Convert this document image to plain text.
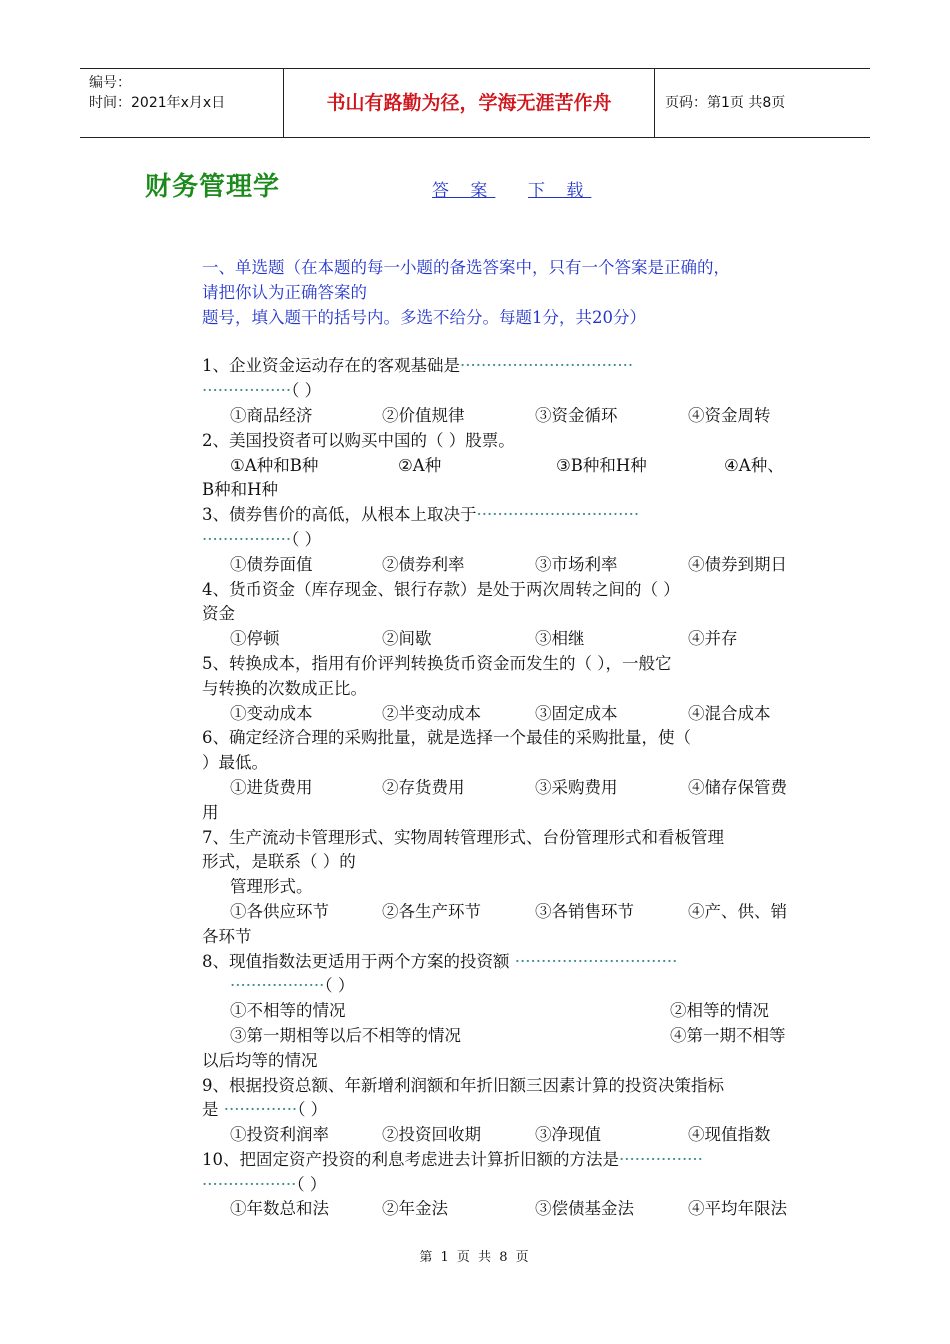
编号：
时间：2021年x月x日	书山有路勤为径，学海无涯苦作舟	页码：第1页 共8页
财务管理学	答 案 下 载
一、单选题（在本题的每一小题的备选答案中，只有一个答案是正确的，
请把你认为正确答案的
题号，填入题干的括号内。多选不给分。每题1分，共20分）
1、企业资金运动存在的客观基础是·································
·················（ ）
①商品经济	②价值规律	③资金循环	④资金周转
2、美国投资者可以购买中国的（ ）股票。
①A种和B种	②A种	③B种和H种	④A种、
B种和H种
3、债券售价的高低，从根本上取决于·······························
·················（ ）
①债券面值	②债券利率	③市场利率	④债券到期日
4、货币资金（库存现金、银行存款）是处于两次周转之间的（ ）
资金
①停顿	②间歇	③相继	④并存
5、转换成本，指用有价评判转换货币资金而发生的（ ），一般它
与转换的次数成正比。
①变动成本	②半变动成本	③固定成本	④混合成本
6、确定经济合理的采购批量，就是选择一个最佳的采购批量，使（
）最低。
①进货费用	②存货费用	③采购费用	④储存保管费
用
7、生产流动卡管理形式、实物周转管理形式、台份管理形式和看板管理
形式，是联系（ ）的
管理形式。
①各供应环节	②各生产环节	③各销售环节	④产、供、销
各环节
8、现值指数法更适用于两个方案的投资额 ·······························
··················（ ）
①不相等的情况	②相等的情况
③第一期相等以后不相等的情况	④第一期不相等
以后均等的情况
9、根据投资总额、年新增利润额和年折旧额三因素计算的投资决策指标
是 ··············（ ）
①投资利润率	②投资回收期	③净现值	④现值指数
10、把固定资产投资的利息考虑进去计算折旧额的方法是················
··················（ ）
①年数总和法	②年金法	③偿债基金法	④平均年限法
第 1 页 共 8 页
